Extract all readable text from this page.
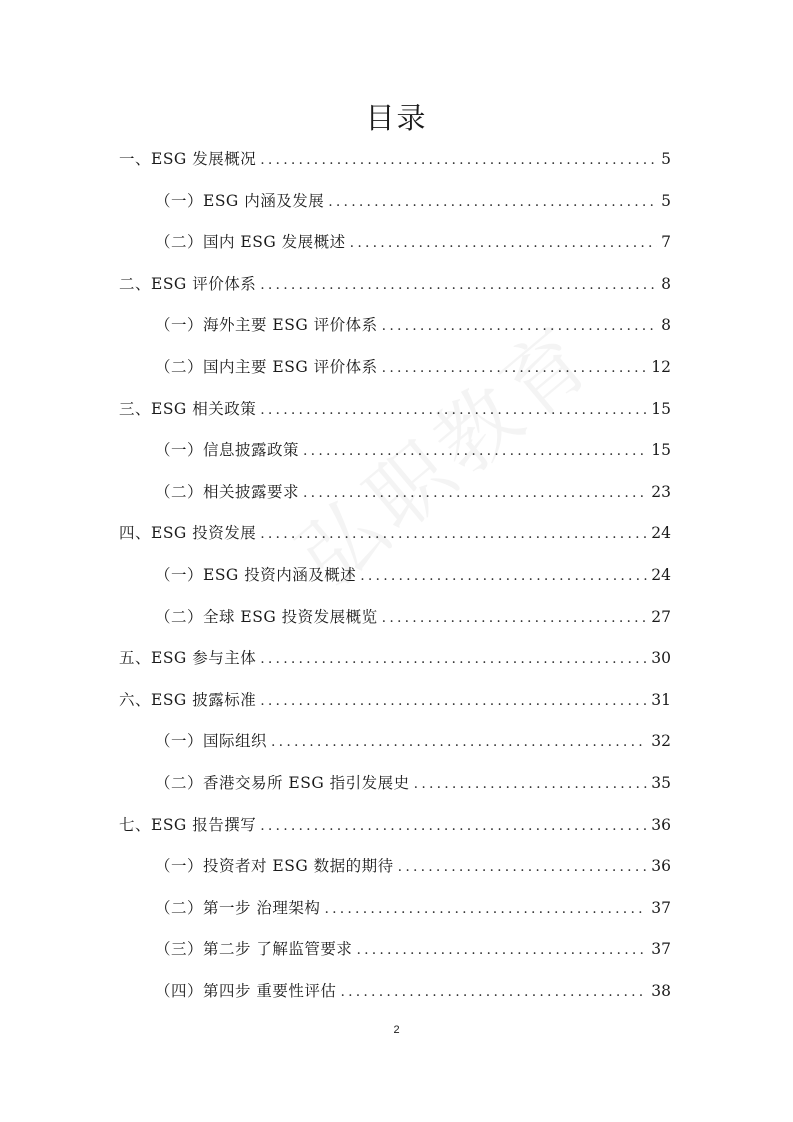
目录
一、ESG 发展概况 .....	5
（一）ESG 内涵及发展 .....	5
（二）国内 ESG 发展概述 .....	7
二、ESG 评价体系 .....	8
（一）海外主要 ESG 评价体系 .....	8
（二）国内主要 ESG 评价体系 .....	12
三、ESG 相关政策 .....	15
（一）信息披露政策 .....	15
（二）相关披露要求 .....	23
四、ESG 投资发展 .....	24
（一）ESG 投资内涵及概述 .....	24
（二）全球 ESG 投资发展概览 .....	27
五、ESG 参与主体 .....	30
六、ESG 披露标准 .....	31
（一）国际组织 .....	32
（二）香港交易所 ESG 指引发展史 .....	35
七、ESG 报告撰写 .....	36
（一）投资者对 ESG 数据的期待 .....	36
（二）第一步 治理架构 .....	37
（三）第二步 了解监管要求 .....	37
（四）第四步 重要性评估 .....	38
2
